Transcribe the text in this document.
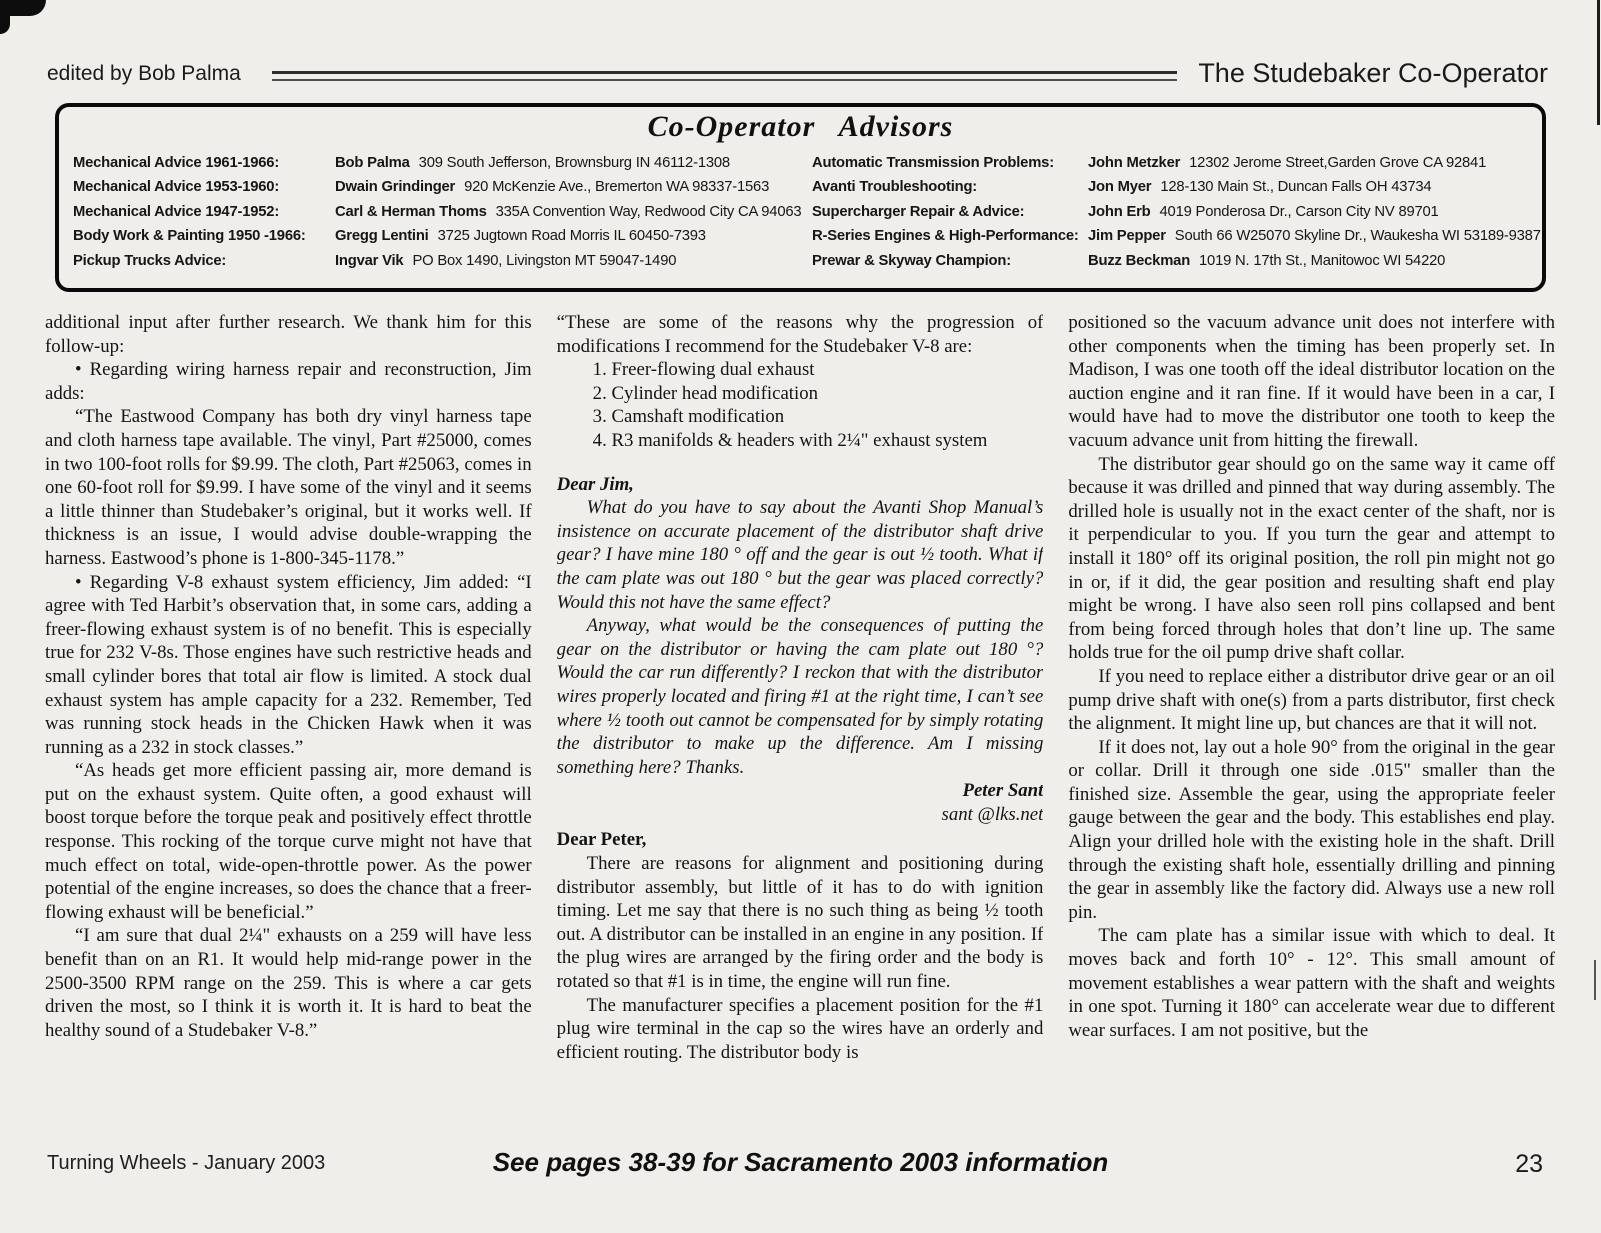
edited by Bob Palma	The Studebaker Co-Operator
Co-Operator Advisors
Mechanical Advice 1961-1966:	Bob Palma 309 South Jefferson, Brownsburg IN 46112-1308
Mechanical Advice 1953-1960:	Dwain Grindinger 920 McKenzie Ave., Bremerton WA 98337-1563
Mechanical Advice 1947-1952:	Carl & Herman Thoms 335A Convention Way, Redwood City CA 94063
Body Work & Painting 1950 -1966:	Gregg Lentini 3725 Jugtown Road Morris IL 60450-7393
Pickup Trucks Advice:	Ingvar Vik PO Box 1490, Livingston MT 59047-1490
Automatic Transmission Problems:	John Metzker 12302 Jerome Street,Garden Grove CA 92841
Avanti Troubleshooting:	Jon Myer 128-130 Main St., Duncan Falls OH 43734
Supercharger Repair & Advice:	John Erb 4019 Ponderosa Dr., Carson City NV 89701
R-Series Engines & High-Performance: Jim Pepper South 66 W25070 Skyline Dr., Waukesha WI 53189-9387
Prewar & Skyway Champion:	Buzz Beckman 1019 N. 17th St., Manitowoc WI 54220

additional input after further research. We thank him for this follow-up:

• Regarding wiring harness repair and reconstruction, Jim adds:

“The Eastwood Company has both dry vinyl harness tape and cloth harness tape available. The vinyl, Part #25000, comes in two 100-foot rolls for $9.99. The cloth, Part #25063, comes in one 60-foot roll for $9.99. I have some of the vinyl and it seems a little thinner than Studebaker’s original, but it works well. If thickness is an issue, I would advise double-wrapping the harness. Eastwood’s phone is 1-800-345-1178.”

• Regarding V-8 exhaust system efficiency, Jim added: “I agree with Ted Harbit’s observation that, in some cars, adding a freer-flowing exhaust system is of no benefit. This is especially true for 232 V-8s. Those engines have such restrictive heads and small cylinder bores that total air flow is limited. A stock dual exhaust system has ample capacity for a 232. Remember, Ted was running stock heads in the Chicken Hawk when it was running as a 232 in stock classes.”

“As heads get more efficient passing air, more demand is put on the exhaust system. Quite often, a good exhaust will boost torque before the torque peak and positively effect throttle response. This rocking of the torque curve might not have that much effect on total, wide-open-throttle power. As the power potential of the engine increases, so does the chance that a freer-flowing exhaust will be beneficial.”

“I am sure that dual 2¼" exhausts on a 259 will have less benefit than on an R1. It would help mid-range power in the 2500-3500 RPM range on the 259. This is where a car gets driven the most, so I think it is worth it. It is hard to beat the healthy sound of a Studebaker V-8.”

“These are some of the reasons why the progression of modifications I recommend for the Studebaker V-8 are:

1. Freer-flowing dual exhaust
2. Cylinder head modification
3. Camshaft modification
4. R3 manifolds & headers with 2¼" exhaust system

Dear Jim,

What do you have to say about the Avanti Shop Manual’s insistence on accurate placement of the distributor shaft drive gear? I have mine 180 ° off and the gear is out ½ tooth. What if the cam plate was out 180 ° but the gear was placed correctly? Would this not have the same effect?

Anyway, what would be the consequences of putting the gear on the distributor or having the cam plate out 180 °? Would the car run differently? I reckon that with the distributor wires properly located and firing #1 at the right time, I can’t see where ½ tooth out cannot be compensated for by simply rotating the distributor to make up the difference. Am I missing something here? Thanks.

Peter Sant

sant @lks.net

Dear Peter,

There are reasons for alignment and positioning during distributor assembly, but little of it has to do with ignition timing. Let me say that there is no such thing as being ½ tooth out. A distributor can be installed in an engine in any position. If the plug wires are arranged by the firing order and the body is rotated so that #1 is in time, the engine will run fine.

The manufacturer specifies a placement position for the #1 plug wire terminal in the cap so the wires have an orderly and efficient routing. The distributor body is

positioned so the vacuum advance unit does not interfere with other components when the timing has been properly set. In Madison, I was one tooth off the ideal distributor location on the auction engine and it ran fine. If it would have been in a car, I would have had to move the distributor one tooth to keep the vacuum advance unit from hitting the firewall.

The distributor gear should go on the same way it came off because it was drilled and pinned that way during assembly. The drilled hole is usually not in the exact center of the shaft, nor is it perpendicular to you. If you turn the gear and attempt to install it 180° off its original position, the roll pin might not go in or, if it did, the gear position and resulting shaft end play might be wrong. I have also seen roll pins collapsed and bent from being forced through holes that don’t line up. The same holds true for the oil pump drive shaft collar.

If you need to replace either a distributor drive gear or an oil pump drive shaft with one(s) from a parts distributor, first check the alignment. It might line up, but chances are that it will not.

If it does not, lay out a hole 90° from the original in the gear or collar. Drill it through one side .015" smaller than the finished size. Assemble the gear, using the appropriate feeler gauge between the gear and the body. This establishes end play. Align your drilled hole with the existing hole in the shaft. Drill through the existing shaft hole, essentially drilling and pinning the gear in assembly like the factory did. Always use a new roll pin.

The cam plate has a similar issue with which to deal. It moves back and forth 10° - 12°. This small amount of movement establishes a wear pattern with the shaft and weights in one spot. Turning it 180° can accelerate wear due to different wear surfaces. I am not positive, but the

See pages 38-39 for Sacramento 2003 information
Turning Wheels - January 2003	23
